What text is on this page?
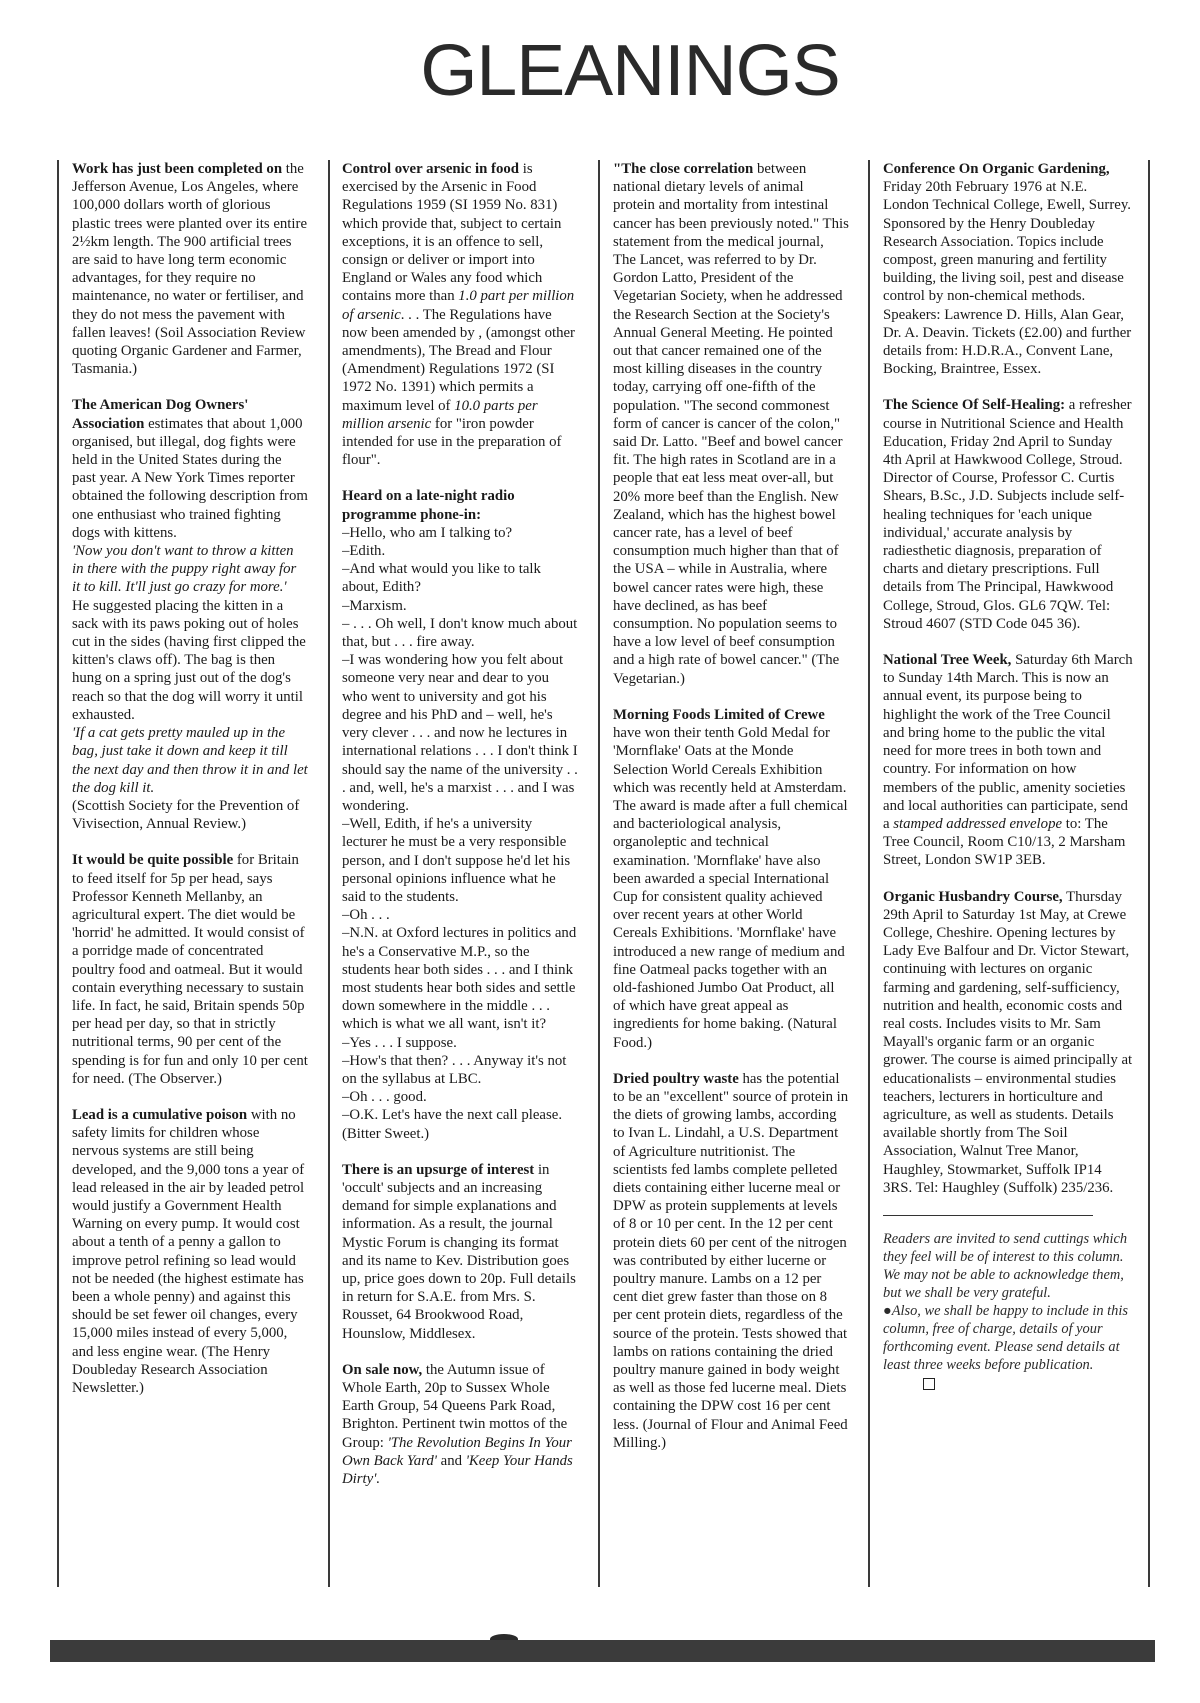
GLEANINGS

Work has just been completed on the Jefferson Avenue, Los Angeles, where 100,000 dollars worth of glorious plastic trees were planted over its entire 2½km length. The 900 artificial trees are said to have long term economic advantages, for they require no maintenance, no water or fertiliser, and they do not mess the pavement with fallen leaves! (Soil Association Review quoting Organic Gardener and Farmer, Tasmania.)

The American Dog Owners' Association estimates that about 1,000 organised, but illegal, dog fights were held in the United States during the past year. A New York Times reporter obtained the following description from one enthusiast who trained fighting dogs with kittens.

'Now you don't want to throw a kitten in there with the puppy right away for it to kill. It'll just go crazy for more.'

He suggested placing the kitten in a sack with its paws poking out of holes cut in the sides (having first clipped the kitten's claws off). The bag is then hung on a spring just out of the dog's reach so that the dog will worry it until exhausted.

'If a cat gets pretty mauled up in the bag, just take it down and keep it till the next day and then throw it in and let the dog kill it.

(Scottish Society for the Prevention of Vivisection, Annual Review.)

It would be quite possible for Britain to feed itself for 5p per head, says Professor Kenneth Mellanby, an agricultural expert. The diet would be 'horrid' he admitted. It would consist of a porridge made of concentrated poultry food and oatmeal. But it would contain everything necessary to sustain life. In fact, he said, Britain spends 50p per head per day, so that in strictly nutritional terms, 90 per cent of the spending is for fun and only 10 per cent for need. (The Observer.)

Lead is a cumulative poison with no safety limits for children whose nervous systems are still being developed, and the 9,000 tons a year of lead released in the air by leaded petrol would justify a Government Health Warning on every pump. It would cost about a tenth of a penny a gallon to improve petrol refining so lead would not be needed (the highest estimate has been a whole penny) and against this should be set fewer oil changes, every 15,000 miles instead of every 5,000, and less engine wear. (The Henry Doubleday Research Association Newsletter.)

Control over arsenic in food is exercised by the Arsenic in Food Regulations 1959 (SI 1959 No. 831) which provide that, subject to certain exceptions, it is an offence to sell, consign or deliver or import into England or Wales any food which contains more than 1.0 part per million of arsenic. . . The Regulations have now been amended by , (amongst other amendments), The Bread and Flour (Amendment) Regulations 1972 (SI 1972 No. 1391) which permits a maximum level of 10.0 parts per million arsenic for "iron powder intended for use in the preparation of flour".

Heard on a late-night radio programme phone-in:

–Hello, who am I talking to?

–Edith.

–And what would you like to talk about, Edith?

–Marxism.

– . . . Oh well, I don't know much about that, but . . . fire away.

–I was wondering how you felt about someone very near and dear to you who went to university and got his degree and his PhD and – well, he's very clever . . . and now he lectures in international relations . . . I don't think I should say the name of the university . . . and, well, he's a marxist . . . and I was wondering.

–Well, Edith, if he's a university lecturer he must be a very responsible person, and I don't suppose he'd let his personal opinions influence what he said to the students.

–Oh . . .

–N.N. at Oxford lectures in politics and he's a Conservative M.P., so the students hear both sides . . . and I think most students hear both sides and settle down somewhere in the middle . . . which is what we all want, isn't it?

–Yes . . . I suppose.

–How's that then? . . . Anyway it's not on the syllabus at LBC.

–Oh . . . good.

–O.K. Let's have the next call please. (Bitter Sweet.)

There is an upsurge of interest in 'occult' subjects and an increasing demand for simple explanations and information. As a result, the journal Mystic Forum is changing its format and its name to Kev. Distribution goes up, price goes down to 20p. Full details in return for S.A.E. from Mrs. S. Rousset, 64 Brookwood Road, Hounslow, Middlesex.

On sale now, the Autumn issue of Whole Earth, 20p to Sussex Whole Earth Group, 54 Queens Park Road, Brighton. Pertinent twin mottos of the Group: 'The Revolution Begins In Your Own Back Yard' and 'Keep Your Hands Dirty'.

"The close correlation between national dietary levels of animal protein and mortality from intestinal cancer has been previously noted." This statement from the medical journal, The Lancet, was referred to by Dr. Gordon Latto, President of the Vegetarian Society, when he addressed the Research Section at the Society's Annual General Meeting. He pointed out that cancer remained one of the most killing diseases in the country today, carrying off one-fifth of the population. "The second commonest form of cancer is cancer of the colon," said Dr. Latto. "Beef and bowel cancer fit. The high rates in Scotland are in a people that eat less meat over-all, but 20% more beef than the English. New Zealand, which has the highest bowel cancer rate, has a level of beef consumption much higher than that of the USA – while in Australia, where bowel cancer rates were high, these have declined, as has beef consumption. No population seems to have a low level of beef consumption and a high rate of bowel cancer." (The Vegetarian.)

Morning Foods Limited of Crewe have won their tenth Gold Medal for 'Mornflake' Oats at the Monde Selection World Cereals Exhibition which was recently held at Amsterdam. The award is made after a full chemical and bacteriological analysis, organoleptic and technical examination. 'Mornflake' have also been awarded a special International Cup for consistent quality achieved over recent years at other World Cereals Exhibitions. 'Mornflake' have introduced a new range of medium and fine Oatmeal packs together with an old-fashioned Jumbo Oat Product, all of which have great appeal as ingredients for home baking. (Natural Food.)

Dried poultry waste has the potential to be an "excellent" source of protein in the diets of growing lambs, according to Ivan L. Lindahl, a U.S. Department of Agriculture nutritionist. The scientists fed lambs complete pelleted diets containing either lucerne meal or DPW as protein supplements at levels of 8 or 10 per cent. In the 12 per cent protein diets 60 per cent of the nitrogen was contributed by either lucerne or poultry manure. Lambs on a 12 per cent diet grew faster than those on 8 per cent protein diets, regardless of the source of the protein. Tests showed that lambs on rations containing the dried poultry manure gained in body weight as well as those fed lucerne meal. Diets containing the DPW cost 16 per cent less. (Journal of Flour and Animal Feed Milling.)

Conference On Organic Gardening, Friday 20th February 1976 at N.E. London Technical College, Ewell, Surrey. Sponsored by the Henry Doubleday Research Association. Topics include compost, green manuring and fertility building, the living soil, pest and disease control by non-chemical methods. Speakers: Lawrence D. Hills, Alan Gear, Dr. A. Deavin. Tickets (£2.00) and further details from: H.D.R.A., Convent Lane, Bocking, Braintree, Essex.

The Science Of Self-Healing: a refresher course in Nutritional Science and Health Education, Friday 2nd April to Sunday 4th April at Hawkwood College, Stroud. Director of Course, Professor C. Curtis Shears, B.Sc., J.D. Subjects include self-healing techniques for 'each unique individual,' accurate analysis by radiesthetic diagnosis, preparation of charts and dietary prescriptions. Full details from The Principal, Hawkwood College, Stroud, Glos. GL6 7QW. Tel: Stroud 4607 (STD Code 045 36).

National Tree Week, Saturday 6th March to Sunday 14th March. This is now an annual event, its purpose being to highlight the work of the Tree Council and bring home to the public the vital need for more trees in both town and country. For information on how members of the public, amenity societies and local authorities can participate, send a stamped addressed envelope to: The Tree Council, Room C10/13, 2 Marsham Street, London SW1P 3EB.

Organic Husbandry Course, Thursday 29th April to Saturday 1st May, at Crewe College, Cheshire. Opening lectures by Lady Eve Balfour and Dr. Victor Stewart, continuing with lectures on organic farming and gardening, self-sufficiency, nutrition and health, economic costs and real costs. Includes visits to Mr. Sam Mayall's organic farm or an organic grower. The course is aimed principally at educationalists – environmental studies teachers, lecturers in horticulture and agriculture, as well as students. Details available shortly from The Soil Association, Walnut Tree Manor, Haughley, Stowmarket, Suffolk IP14 3RS. Tel: Haughley (Suffolk) 235/236.

Readers are invited to send cuttings which they feel will be of interest to this column. We may not be able to acknowledge them, but we shall be very grateful.

●Also, we shall be happy to include in this column, free of charge, details of your forthcoming event. Please send details at least three weeks before publication.
